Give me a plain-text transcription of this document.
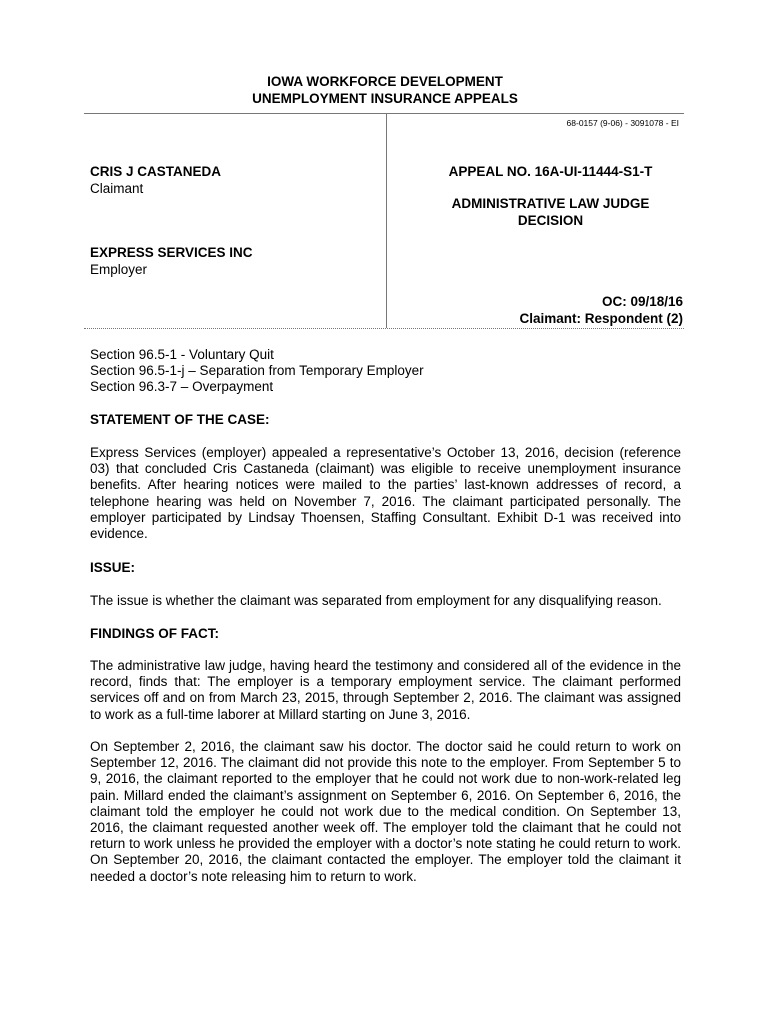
IOWA WORKFORCE DEVELOPMENT
UNEMPLOYMENT INSURANCE APPEALS
68-0157 (9-06) - 3091078 - EI
CRIS J CASTANEDA
Claimant
EXPRESS SERVICES INC
Employer
APPEAL NO. 16A-UI-11444-S1-T
ADMINISTRATIVE LAW JUDGE
DECISION
OC: 09/18/16
Claimant: Respondent (2)
Section 96.5-1 - Voluntary Quit
Section 96.5-1-j – Separation from Temporary Employer
Section 96.3-7 – Overpayment
STATEMENT OF THE CASE:
Express Services (employer) appealed a representative’s October 13, 2016, decision (reference 03) that concluded Cris Castaneda (claimant) was eligible to receive unemployment insurance benefits. After hearing notices were mailed to the parties’ last-known addresses of record, a telephone hearing was held on November 7, 2016. The claimant participated personally. The employer participated by Lindsay Thoensen, Staffing Consultant. Exhibit D-1 was received into evidence.
ISSUE:
The issue is whether the claimant was separated from employment for any disqualifying reason.
FINDINGS OF FACT:
The administrative law judge, having heard the testimony and considered all of the evidence in the record, finds that: The employer is a temporary employment service. The claimant performed services off and on from March 23, 2015, through September 2, 2016. The claimant was assigned to work as a full-time laborer at Millard starting on June 3, 2016.
On September 2, 2016, the claimant saw his doctor. The doctor said he could return to work on September 12, 2016. The claimant did not provide this note to the employer. From September 5 to 9, 2016, the claimant reported to the employer that he could not work due to non-work-related leg pain. Millard ended the claimant’s assignment on September 6, 2016. On September 6, 2016, the claimant told the employer he could not work due to the medical condition. On September 13, 2016, the claimant requested another week off. The employer told the claimant that he could not return to work unless he provided the employer with a doctor’s note stating he could return to work. On September 20, 2016, the claimant contacted the employer. The employer told the claimant it needed a doctor’s note releasing him to return to work.
